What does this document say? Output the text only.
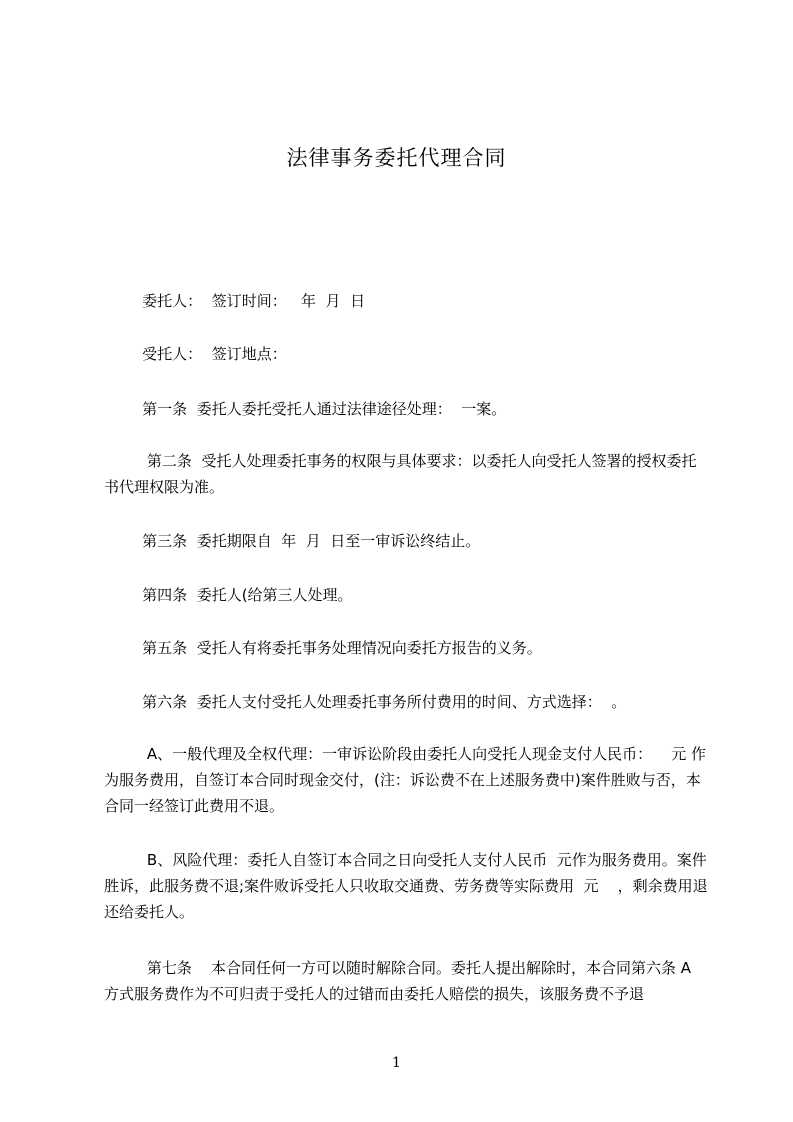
法律事务委托代理合同
委托人：  签订时间：   年  月  日
受托人：  签订地点：
第一条  委托人委托受托人通过法律途径处理：  一案。
第二条  受托人处理委托事务的权限与具体要求：以委托人向受托人签署的授权委托书代理权限为准。
第三条  委托期限自  年  月  日至一审诉讼终结止。
第四条  委托人(给第三人处理。
第五条  受托人有将委托事务处理情况向委托方报告的义务。
第六条  委托人支付受托人处理委托事务所付费用的时间、方式选择：  。
A、一般代理及全权代理：一审诉讼阶段由委托人向受托人现金支付人民币：    元 作为服务费用，自签订本合同时现金交付，(注：诉讼费不在上述服务费中)案件胜败与否，本合同一经签订此费用不退。
B、风险代理：委托人自签订本合同之日向受托人支付人民币  元作为服务费用。案件胜诉，此服务费不退;案件败诉受托人只收取交通费、劳务费等实际费用  元    ，剩余费用退还给委托人。
第七条    本合同任何一方可以随时解除合同。委托人提出解除时，本合同第六条 A 方式服务费作为不可归责于受托人的过错而由委托人赔偿的损失，该服务费不予退
1
